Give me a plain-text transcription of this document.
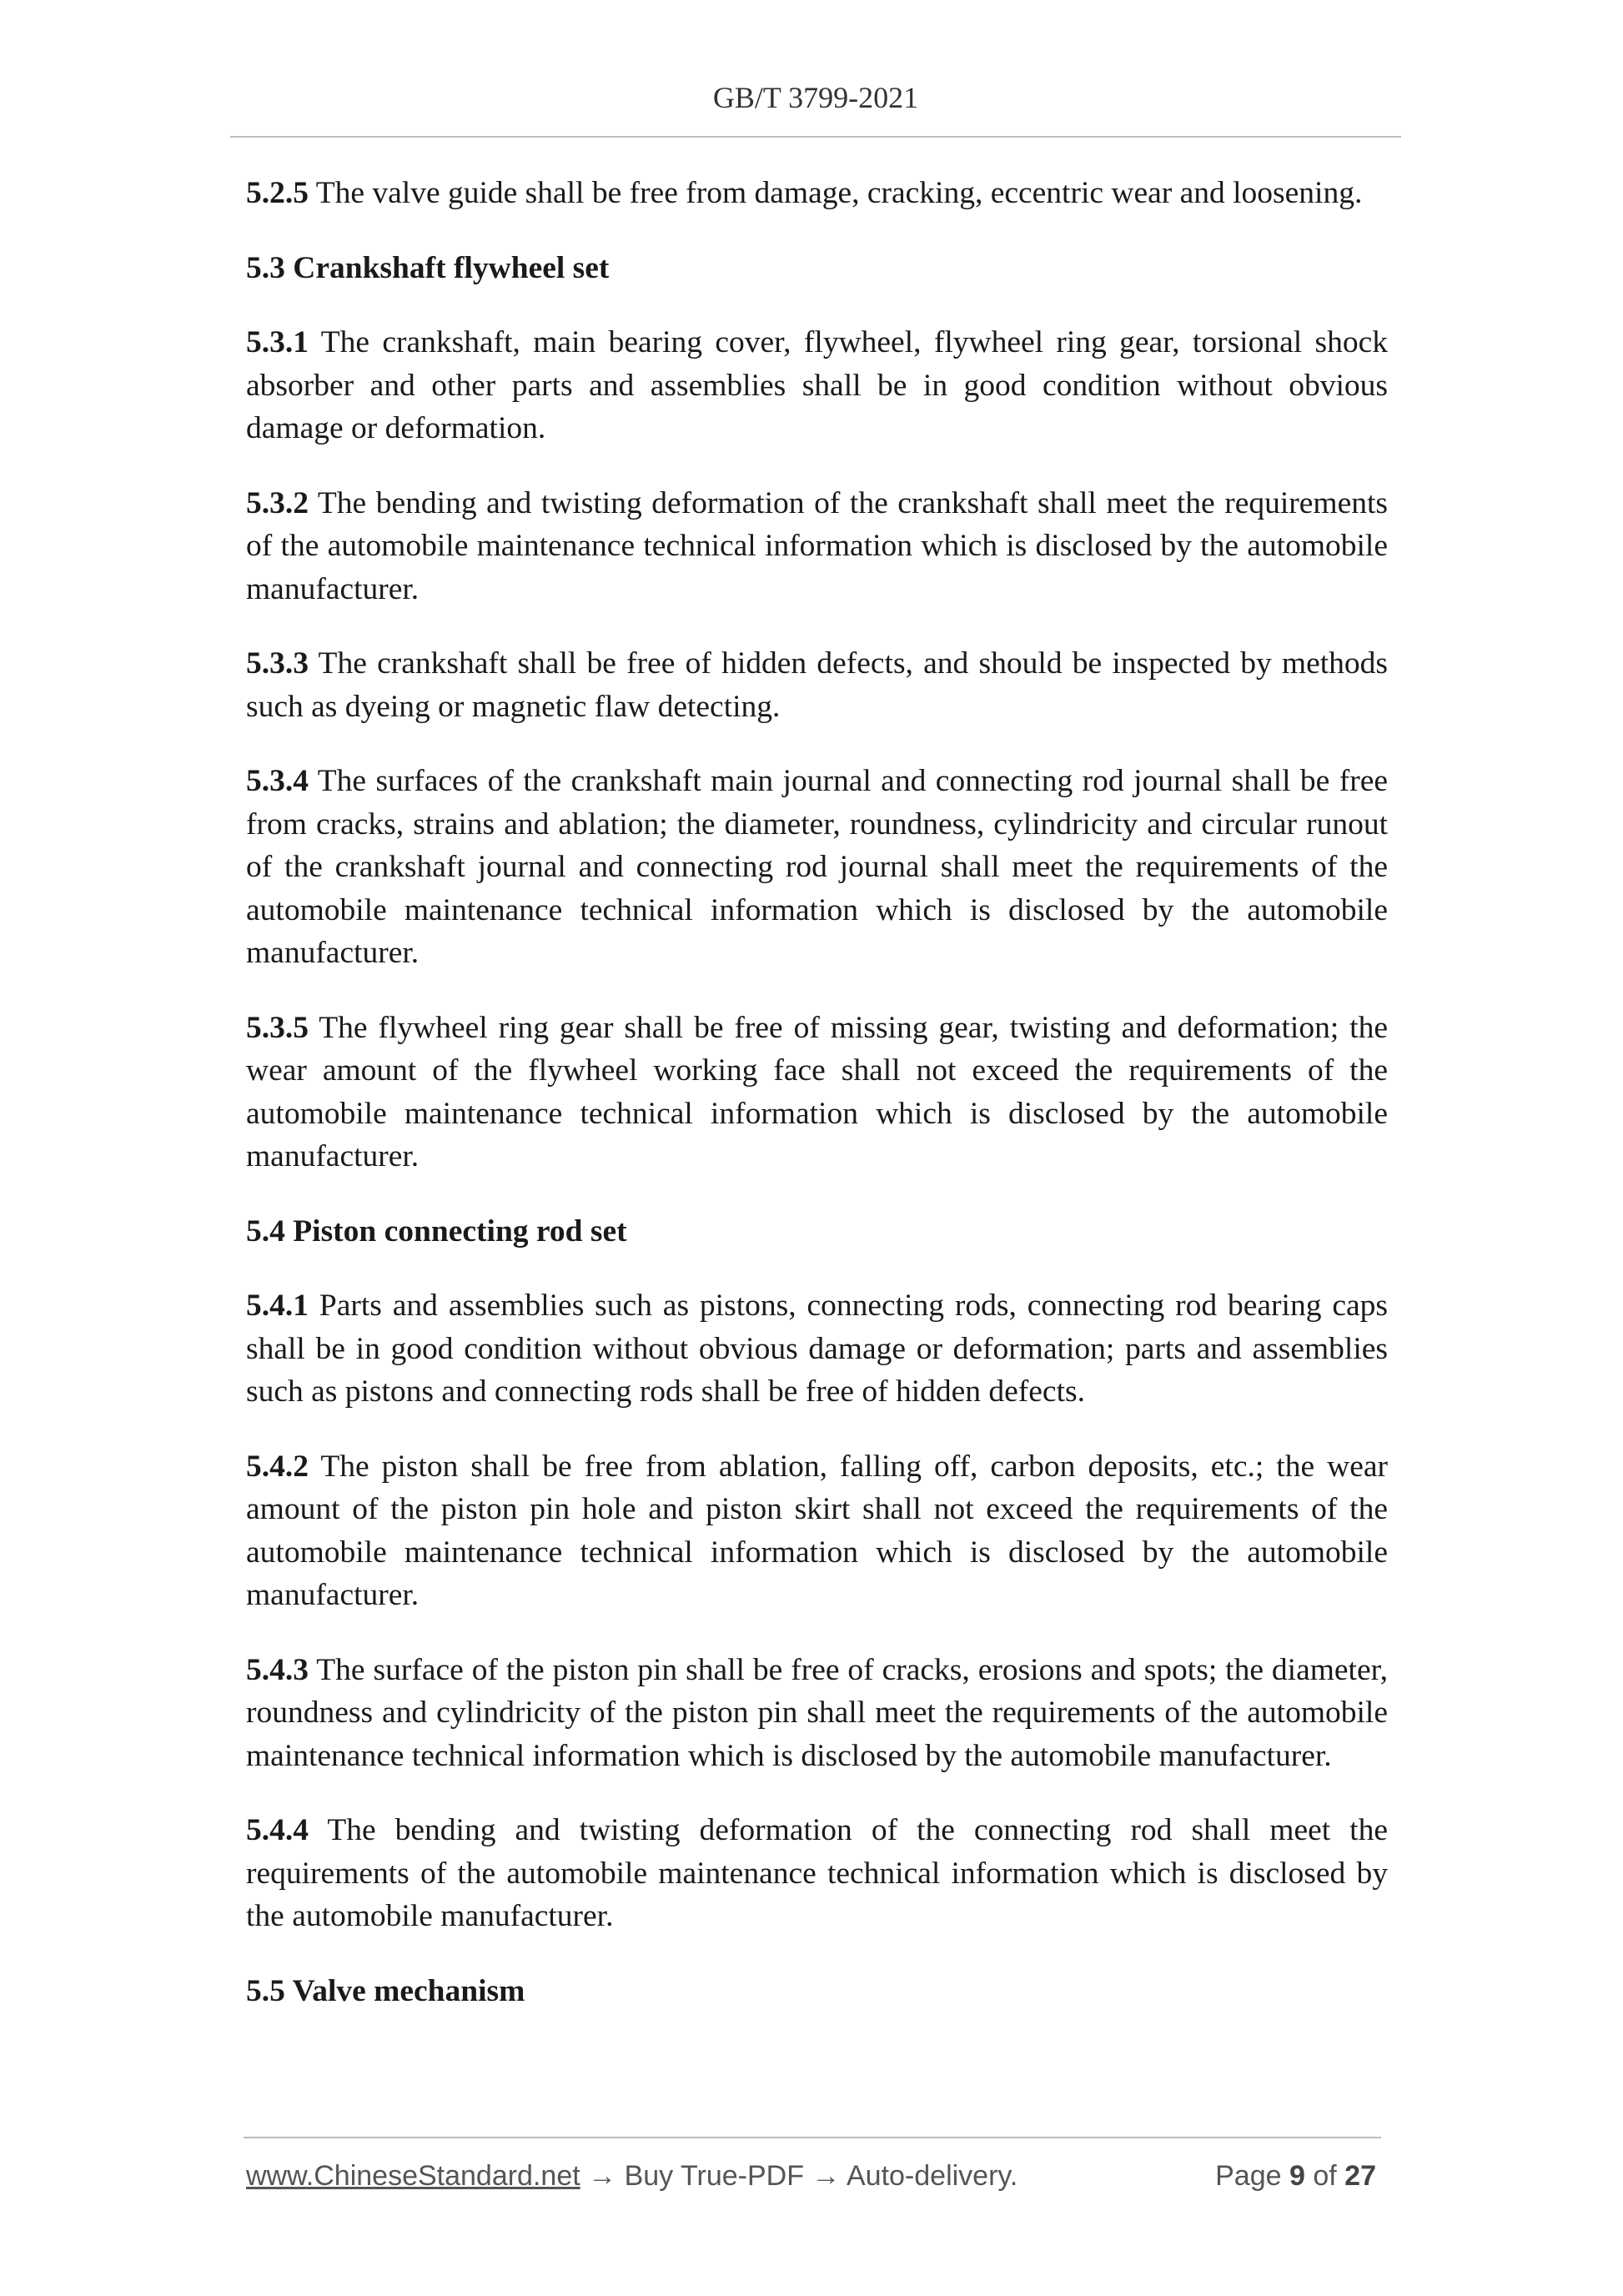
GB/T 3799-2021

5.2.5 The valve guide shall be free from damage, cracking, eccentric wear and loosening.

5.3 Crankshaft flywheel set

5.3.1 The crankshaft, main bearing cover, flywheel, flywheel ring gear, torsional shock absorber and other parts and assemblies shall be in good condition without obvious damage or deformation.

5.3.2 The bending and twisting deformation of the crankshaft shall meet the requirements of the automobile maintenance technical information which is disclosed by the automobile manufacturer.

5.3.3 The crankshaft shall be free of hidden defects, and should be inspected by methods such as dyeing or magnetic flaw detecting.

5.3.4 The surfaces of the crankshaft main journal and connecting rod journal shall be free from cracks, strains and ablation; the diameter, roundness, cylindricity and circular runout of the crankshaft journal and connecting rod journal shall meet the requirements of the automobile maintenance technical information which is disclosed by the automobile manufacturer.

5.3.5 The flywheel ring gear shall be free of missing gear, twisting and deformation; the wear amount of the flywheel working face shall not exceed the requirements of the automobile maintenance technical information which is disclosed by the automobile manufacturer.

5.4 Piston connecting rod set

5.4.1 Parts and assemblies such as pistons, connecting rods, connecting rod bearing caps shall be in good condition without obvious damage or deformation; parts and assemblies such as pistons and connecting rods shall be free of hidden defects.

5.4.2 The piston shall be free from ablation, falling off, carbon deposits, etc.; the wear amount of the piston pin hole and piston skirt shall not exceed the requirements of the automobile maintenance technical information which is disclosed by the automobile manufacturer.

5.4.3 The surface of the piston pin shall be free of cracks, erosions and spots; the diameter, roundness and cylindricity of the piston pin shall meet the requirements of the automobile maintenance technical information which is disclosed by the automobile manufacturer.

5.4.4 The bending and twisting deformation of the connecting rod shall meet the requirements of the automobile maintenance technical information which is disclosed by the automobile manufacturer.

5.5 Valve mechanism
www.ChineseStandard.net → Buy True-PDF → Auto-delivery.	Page 9 of 27
